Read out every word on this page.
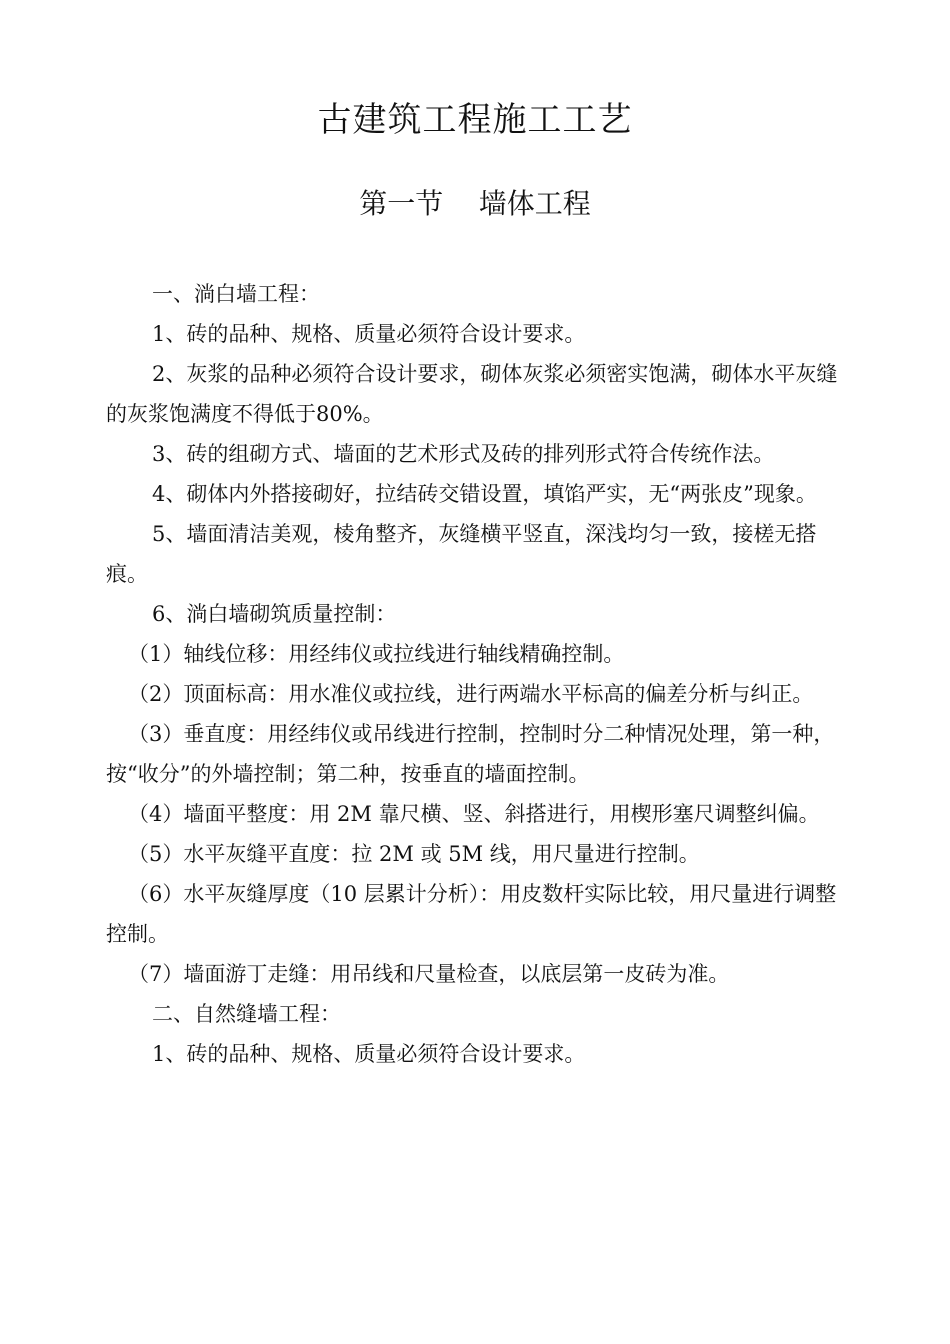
古建筑工程施工工艺
第一节    墙体工程

一、淌白墙工程：

1、砖的品种、规格、质量必须符合设计要求。

2、灰浆的品种必须符合设计要求，砌体灰浆必须密实饱满，砌体水平灰缝的灰浆饱满度不得低于80%。

3、砖的组砌方式、墙面的艺术形式及砖的排列形式符合传统作法。

4、砌体内外搭接砌好，拉结砖交错设置，填馅严实，无“两张皮”现象。

5、墙面清洁美观，棱角整齐，灰缝横平竖直，深浅均匀一致，接槎无搭痕。

6、淌白墙砌筑质量控制：

（1）轴线位移：用经纬仪或拉线进行轴线精确控制。

（2）顶面标高：用水准仪或拉线，进行两端水平标高的偏差分析与纠正。

（3）垂直度：用经纬仪或吊线进行控制，控制时分二种情况处理，第一种，按“收分”的外墙控制；第二种，按垂直的墙面控制。

（4）墙面平整度：用 2M 靠尺横、竖、斜搭进行，用楔形塞尺调整纠偏。

（5）水平灰缝平直度：拉 2M 或 5M 线，用尺量进行控制。

（6）水平灰缝厚度（10 层累计分析）：用皮数杆实际比较，用尺量进行调整控制。

（7）墙面游丁走缝：用吊线和尺量检查，以底层第一皮砖为准。

二、自然缝墙工程：

1、砖的品种、规格、质量必须符合设计要求。
